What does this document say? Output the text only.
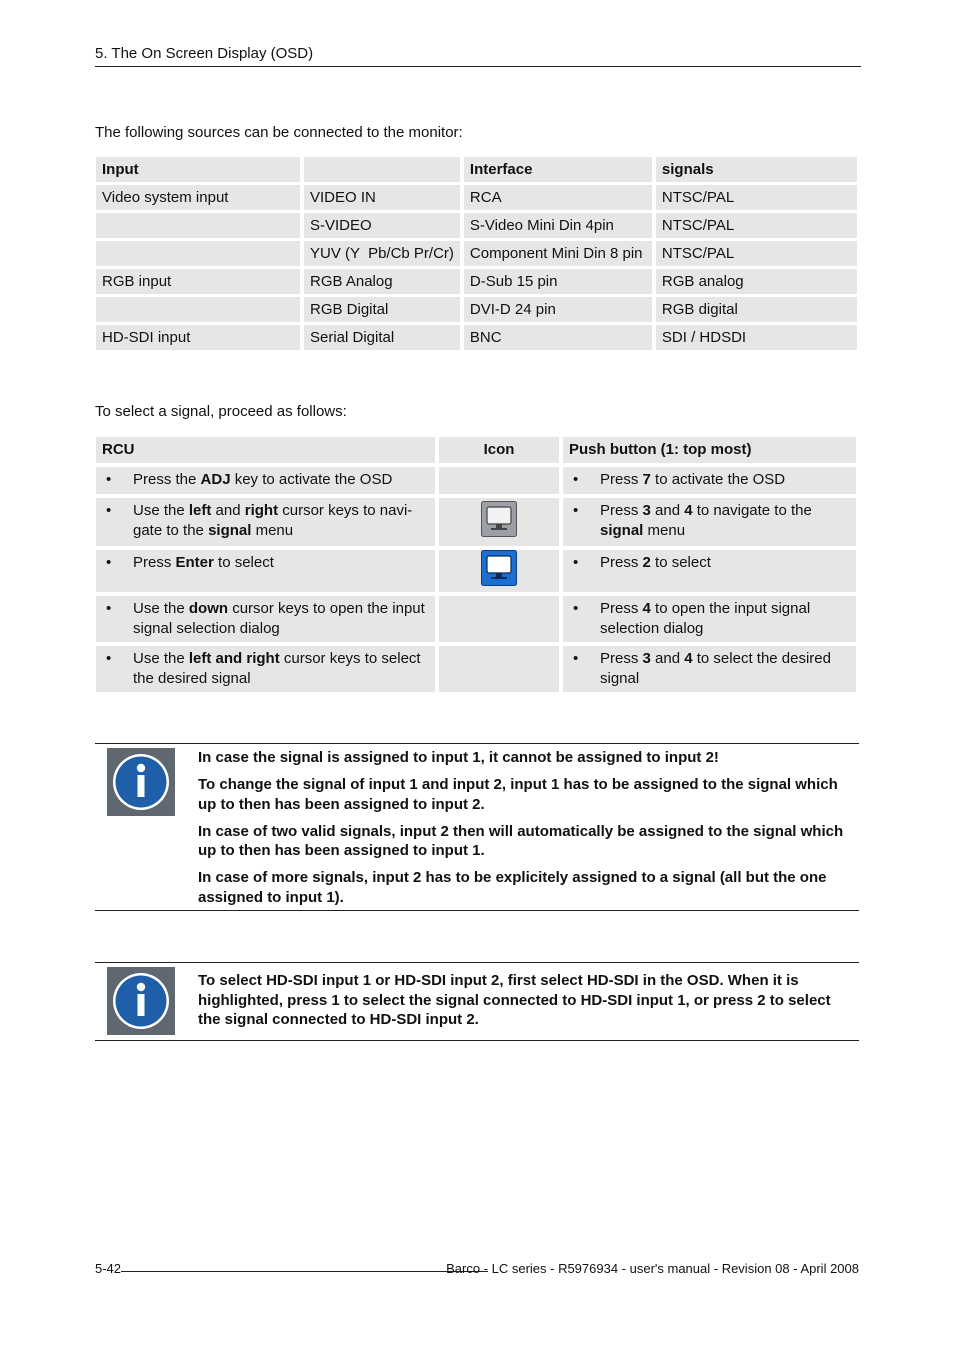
5. The On Screen Display (OSD)
The following sources can be connected to the monitor:
Input		Interface	signals
Video system input	VIDEO IN	RCA	NTSC/PAL
	S-VIDEO	S-Video Mini Din 4pin	NTSC/PAL
	YUV (Y  Pb/Cb Pr/Cr)	Component Mini Din 8 pin	NTSC/PAL
RGB input	RGB Analog	D-Sub 15 pin	RGB analog
	RGB Digital	DVI-D 24 pin	RGB digital
HD-SDI input	Serial Digital	BNC	SDI / HDSDI
To select a signal, proceed as follows:
RCU	Icon	Push button (1: top most)

• Press the ADJ key to activate the OSD		• Press 7 to activate the OSD

• Use the left and right cursor keys to navi-gate to the signal menu		• Press 3 and 4 to navigate to the signal menu

• Press Enter to select		• Press 2 to select

• Use the down cursor keys to open the input signal selection dialog		• Press 4 to open the input signal selection dialog

• Use the left and right cursor keys to select the desired signal		• Press 3 and 4 to select the desired signal

In case the signal is assigned to input 1, it cannot be assigned to input 2!

To change the signal of input 1 and input 2, input 1 has to be assigned to the signal which up to then has been assigned to input 2.

In case of two valid signals, input 2 then will automatically be assigned to the signal which up to then has been assigned to input 1.

In case of more signals, input 2 has to be explicitely assigned to a signal (all but the one assigned to input 1).

To select HD-SDI input 1 or HD-SDI input 2, first select HD-SDI in the OSD. When it is highlighted, press 1 to select the signal connected to HD-SDI input 1, or press 2 to select the signal connected to HD-SDI input 2.

5-42	Barco - LC series - R5976934 - user's manual - Revision 08 - April 2008
